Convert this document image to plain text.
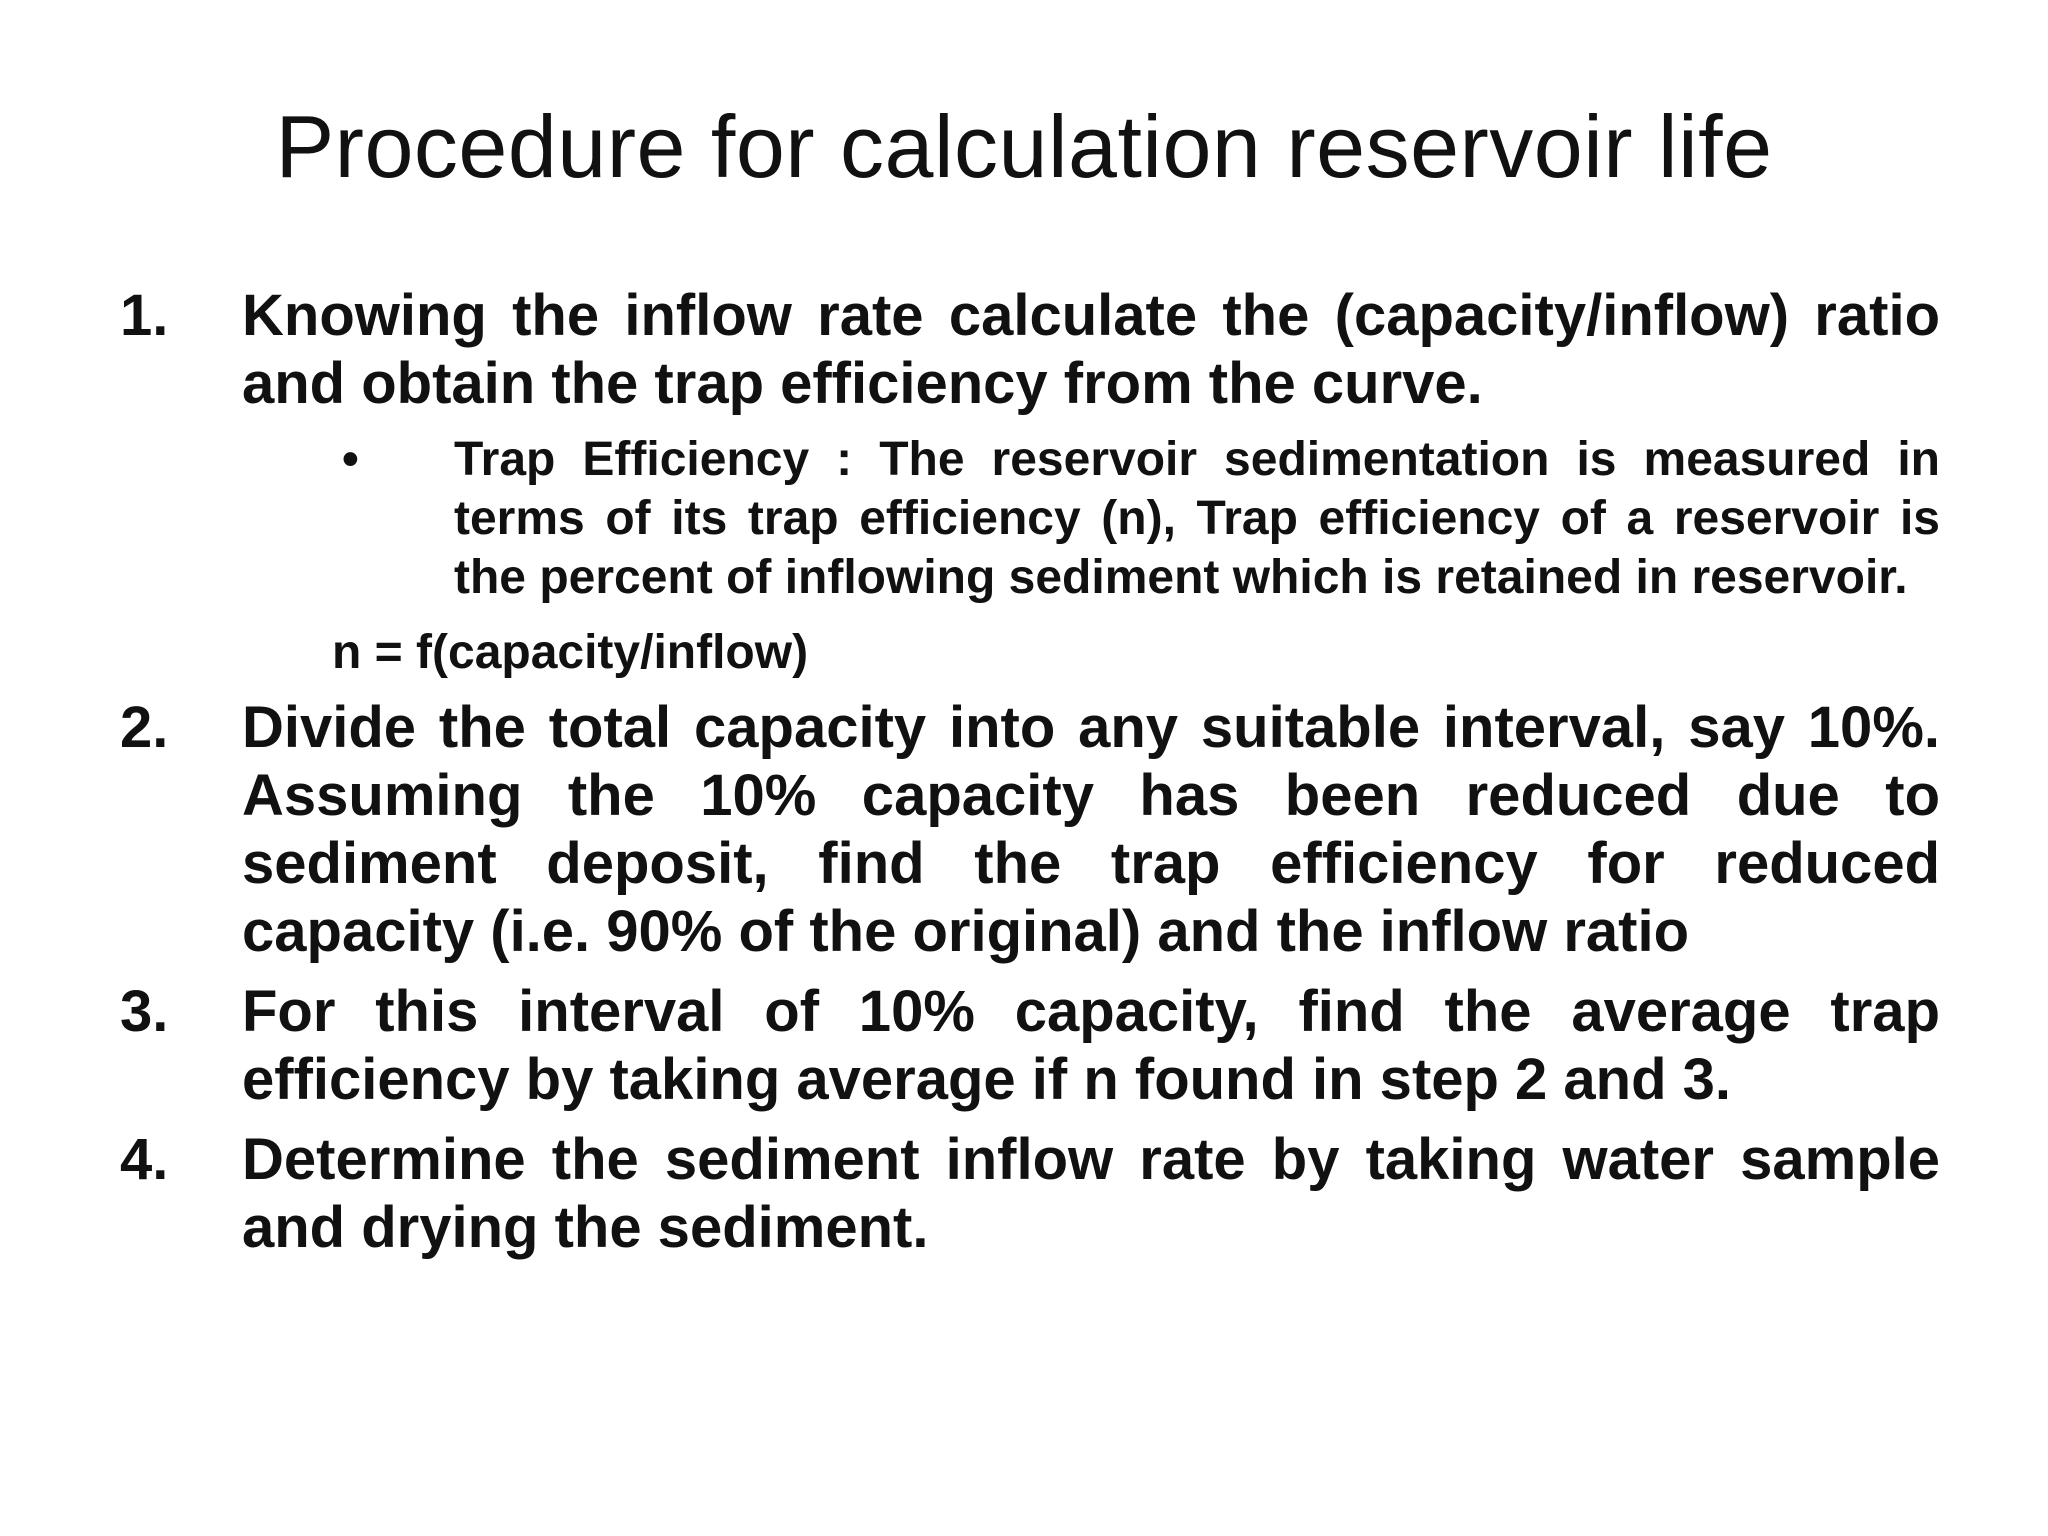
Procedure for calculation reservoir life
1. Knowing the inflow rate calculate the (capacity/inflow) ratio and obtain the trap efficiency from the curve.
• Trap Efficiency : The reservoir sedimentation is measured in terms of its trap efficiency (n), Trap efficiency of a reservoir is the percent of inflowing sediment which is retained in reservoir.
n = f(capacity/inflow)
2. Divide the total capacity into any suitable interval, say 10%. Assuming the 10% capacity has been reduced due to sediment deposit, find the trap efficiency for reduced capacity (i.e. 90% of the original) and the inflow ratio
3. For this interval of 10% capacity, find the average trap efficiency by taking average if n found in step 2 and 3.
4. Determine the sediment inflow rate by taking water sample and drying the sediment.
